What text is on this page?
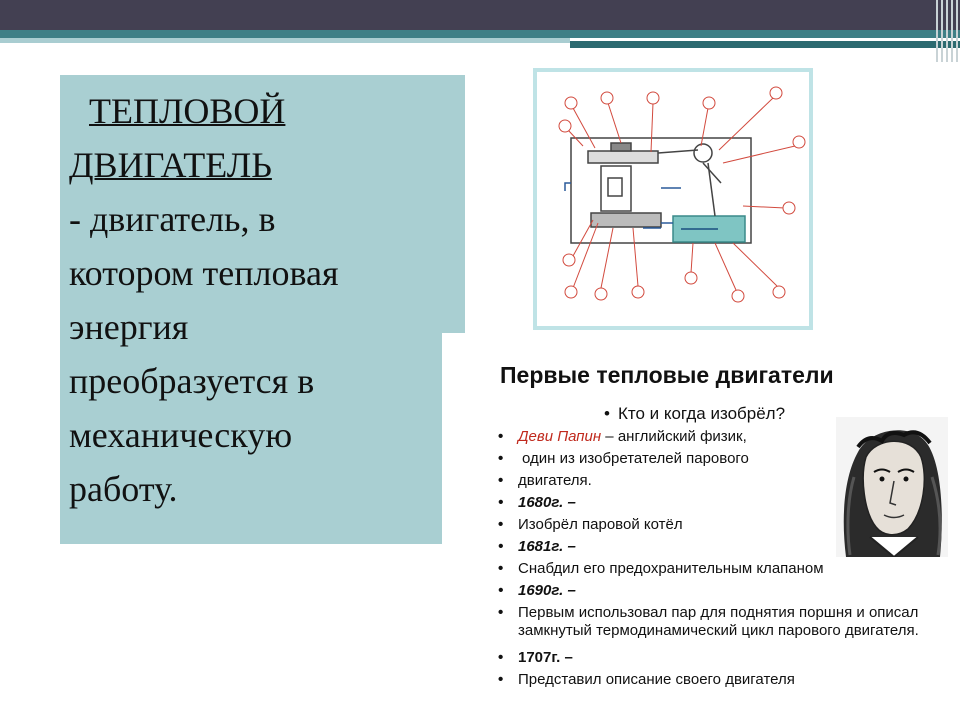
ТЕПЛОВОЙ
ДВИГАТЕЛЬ
- двигатель, в
котором тепловая
энергия
преобразуется в
механическую
работу.
Первые тепловые двигатели
• Кто и когда изобрёл?
• Деви Папин – английский физик,
• один из изобретателей парового
• двигателя.
• 1680г. –
• Изобрёл паровой котёл
• 1681г. –
• Снабдил его предохранительным клапаном
• 1690г. –
• Первым использовал пар для поднятия поршня и описал замкнутый термодинамический цикл парового двигателя.
• 1707г. –
• Представил описание своего двигателя
